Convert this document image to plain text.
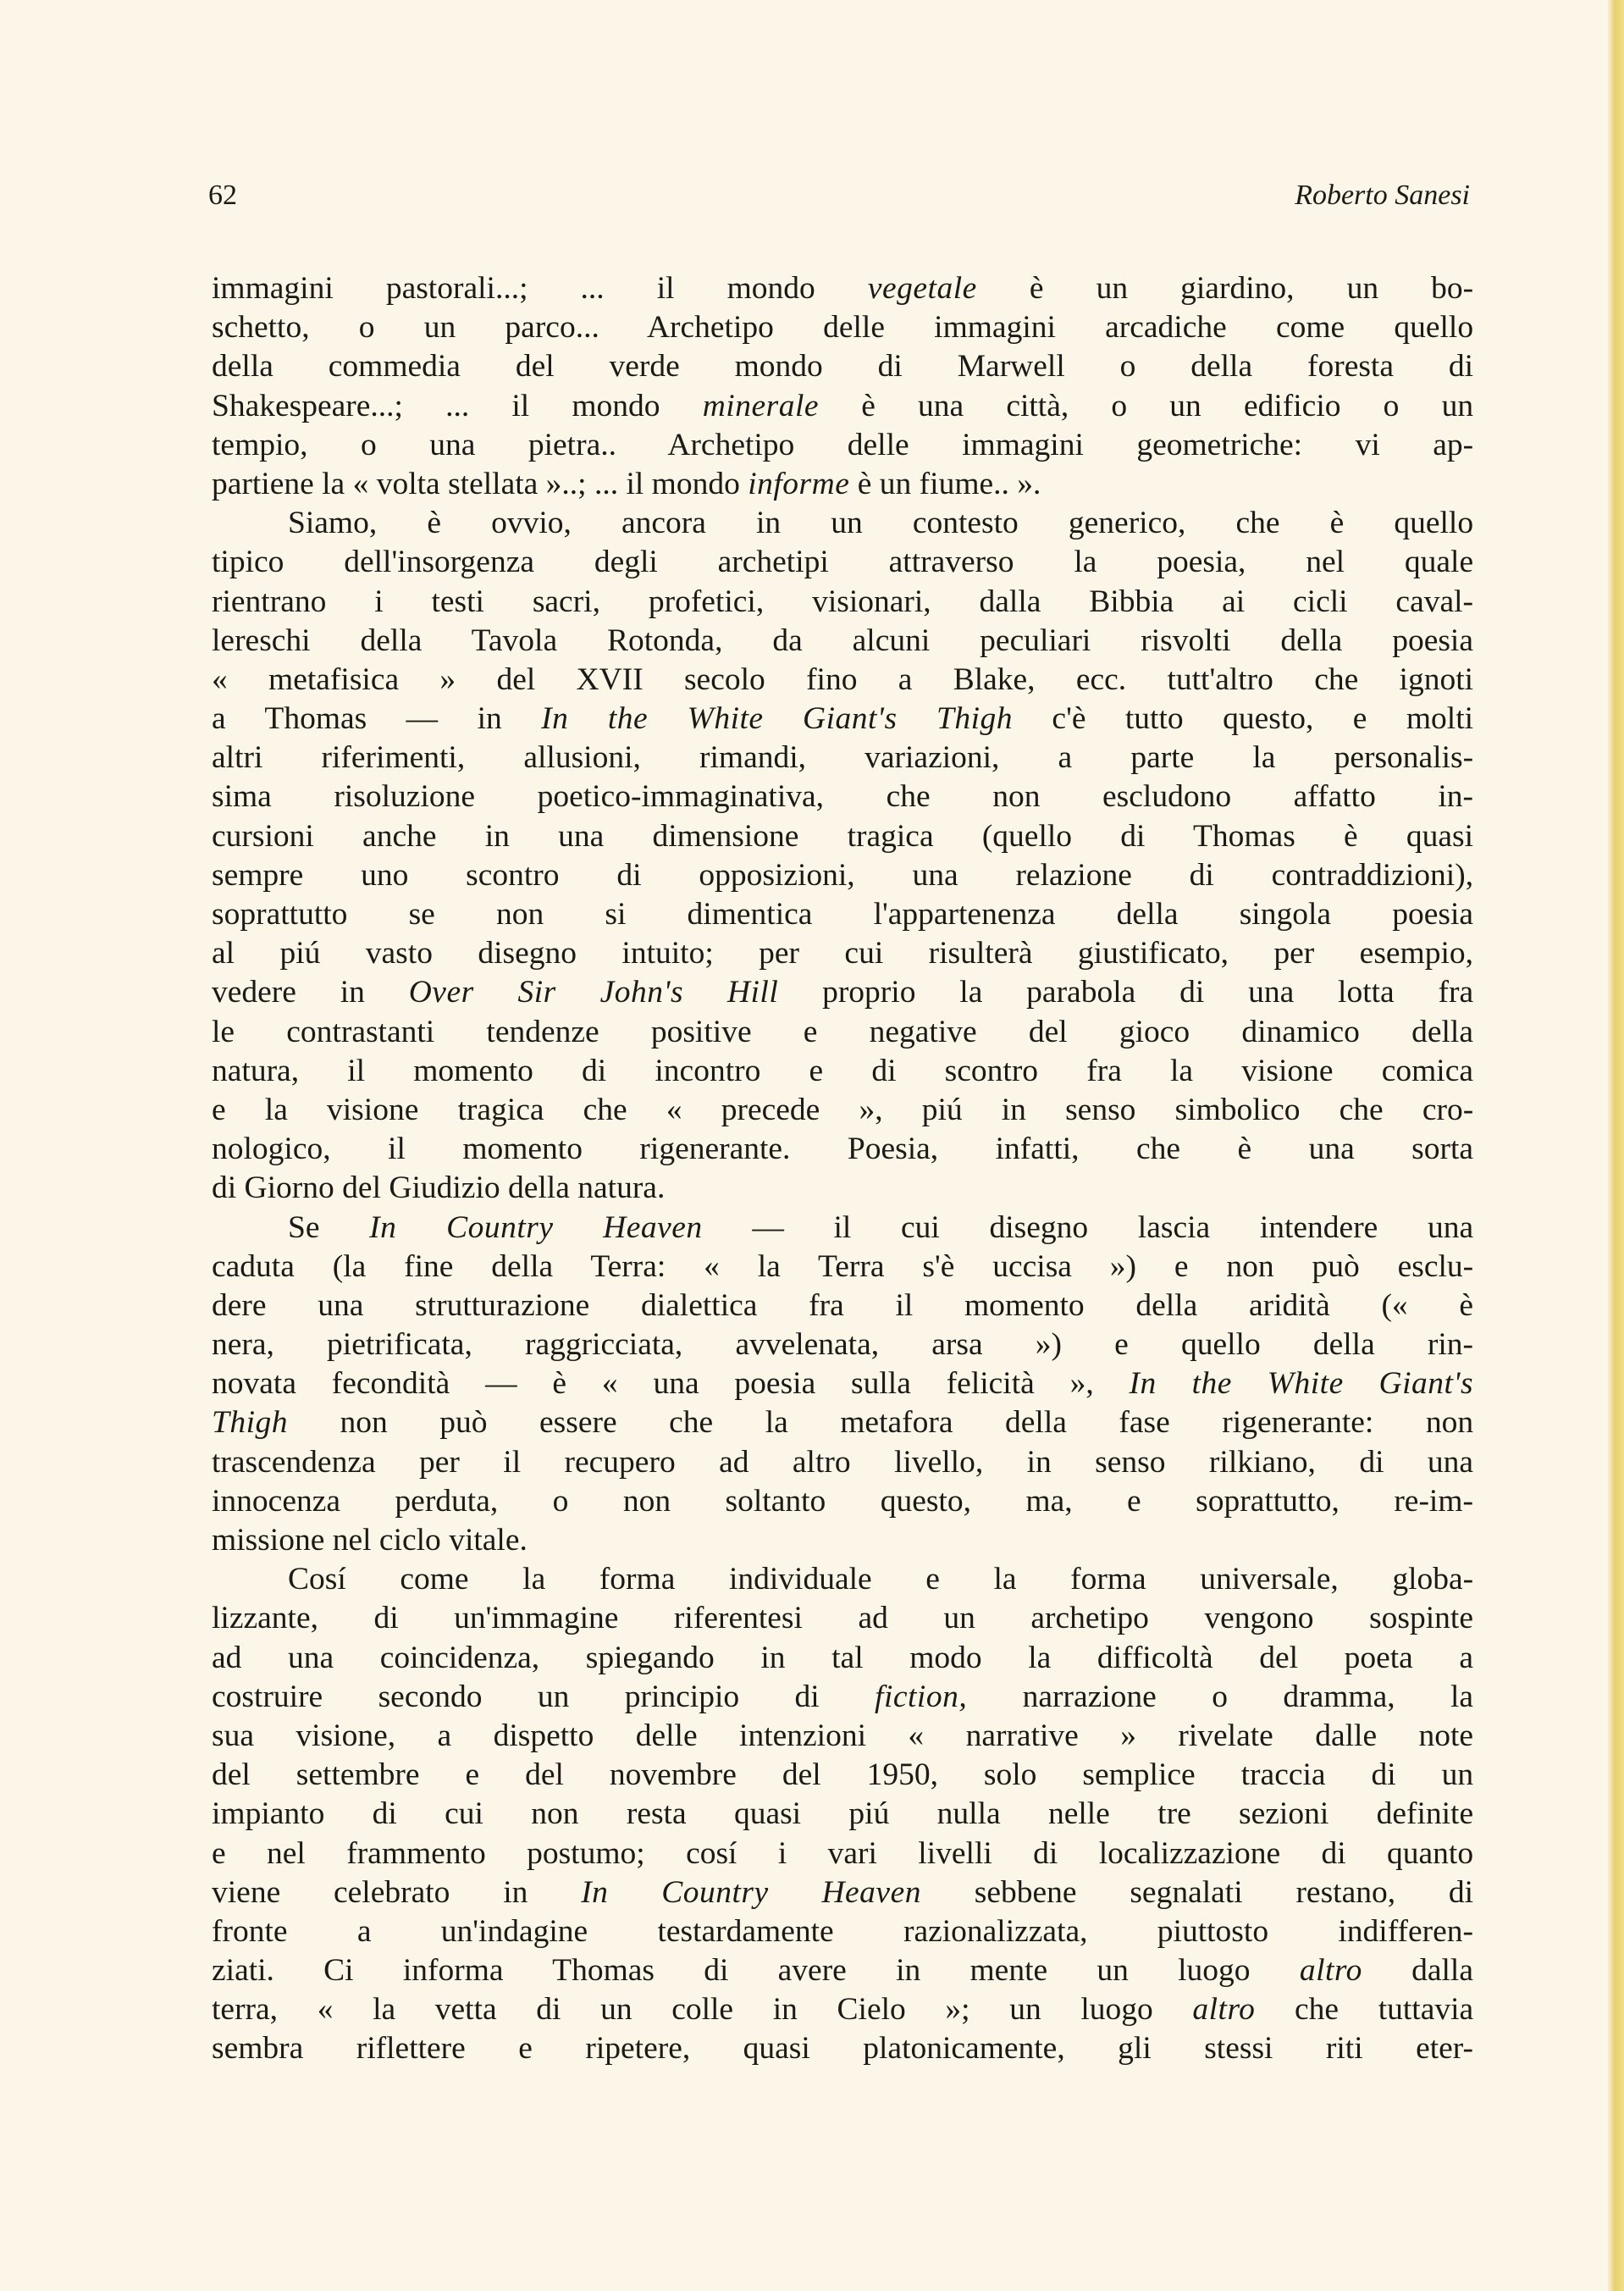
62	Roberto Sanesi
immagini pastorali...; ... il mondo vegetale è un giardino, un bo-
schetto, o un parco... Archetipo delle immagini arcadiche come quello
della commedia del verde mondo di Marwell o della foresta di
Shakespeare...; ... il mondo minerale è una città, o un edificio o un
tempio, o una pietra.. Archetipo delle immagini geometriche: vi ap-
partiene la « volta stellata »..; ... il mondo informe è un fiume.. ».
Siamo, è ovvio, ancora in un contesto generico, che è quello
tipico dell'insorgenza degli archetipi attraverso la poesia, nel quale
rientrano i testi sacri, profetici, visionari, dalla Bibbia ai cicli caval-
lereschi della Tavola Rotonda, da alcuni peculiari risvolti della poesia
« metafisica » del XVII secolo fino a Blake, ecc. tutt'altro che ignoti
a Thomas — in In the White Giant's Thigh c'è tutto questo, e molti
altri riferimenti, allusioni, rimandi, variazioni, a parte la personalis-
sima risoluzione poetico-immaginativa, che non escludono affatto in-
cursioni anche in una dimensione tragica (quello di Thomas è quasi
sempre uno scontro di opposizioni, una relazione di contraddizioni),
soprattutto se non si dimentica l'appartenenza della singola poesia
al piú vasto disegno intuito; per cui risulterà giustificato, per esempio,
vedere in Over Sir John's Hill proprio la parabola di una lotta fra
le contrastanti tendenze positive e negative del gioco dinamico della
natura, il momento di incontro e di scontro fra la visione comica
e la visione tragica che « precede », piú in senso simbolico che cro-
nologico, il momento rigenerante. Poesia, infatti, che è una sorta
di Giorno del Giudizio della natura.
Se In Country Heaven — il cui disegno lascia intendere una
caduta (la fine della Terra: « la Terra s'è uccisa ») e non può esclu-
dere una strutturazione dialettica fra il momento della aridità (« è
nera, pietrificata, raggricciata, avvelenata, arsa ») e quello della rin-
novata fecondità — è « una poesia sulla felicità », In the White Giant's
Thigh non può essere che la metafora della fase rigenerante: non
trascendenza per il recupero ad altro livello, in senso rilkiano, di una
innocenza perduta, o non soltanto questo, ma, e soprattutto, re-im-
missione nel ciclo vitale.
Cosí come la forma individuale e la forma universale, globa-
lizzante, di un'immagine riferentesi ad un archetipo vengono sospinte
ad una coincidenza, spiegando in tal modo la difficoltà del poeta a
costruire secondo un principio di fiction, narrazione o dramma, la
sua visione, a dispetto delle intenzioni « narrative » rivelate dalle note
del settembre e del novembre del 1950, solo semplice traccia di un
impianto di cui non resta quasi piú nulla nelle tre sezioni definite
e nel frammento postumo; cosí i vari livelli di localizzazione di quanto
viene celebrato in In Country Heaven sebbene segnalati restano, di
fronte a un'indagine testardamente razionalizzata, piuttosto indifferen-
ziati. Ci informa Thomas di avere in mente un luogo altro dalla
terra, « la vetta di un colle in Cielo »; un luogo altro che tuttavia
sembra riflettere e ripetere, quasi platonicamente, gli stessi riti eter-
